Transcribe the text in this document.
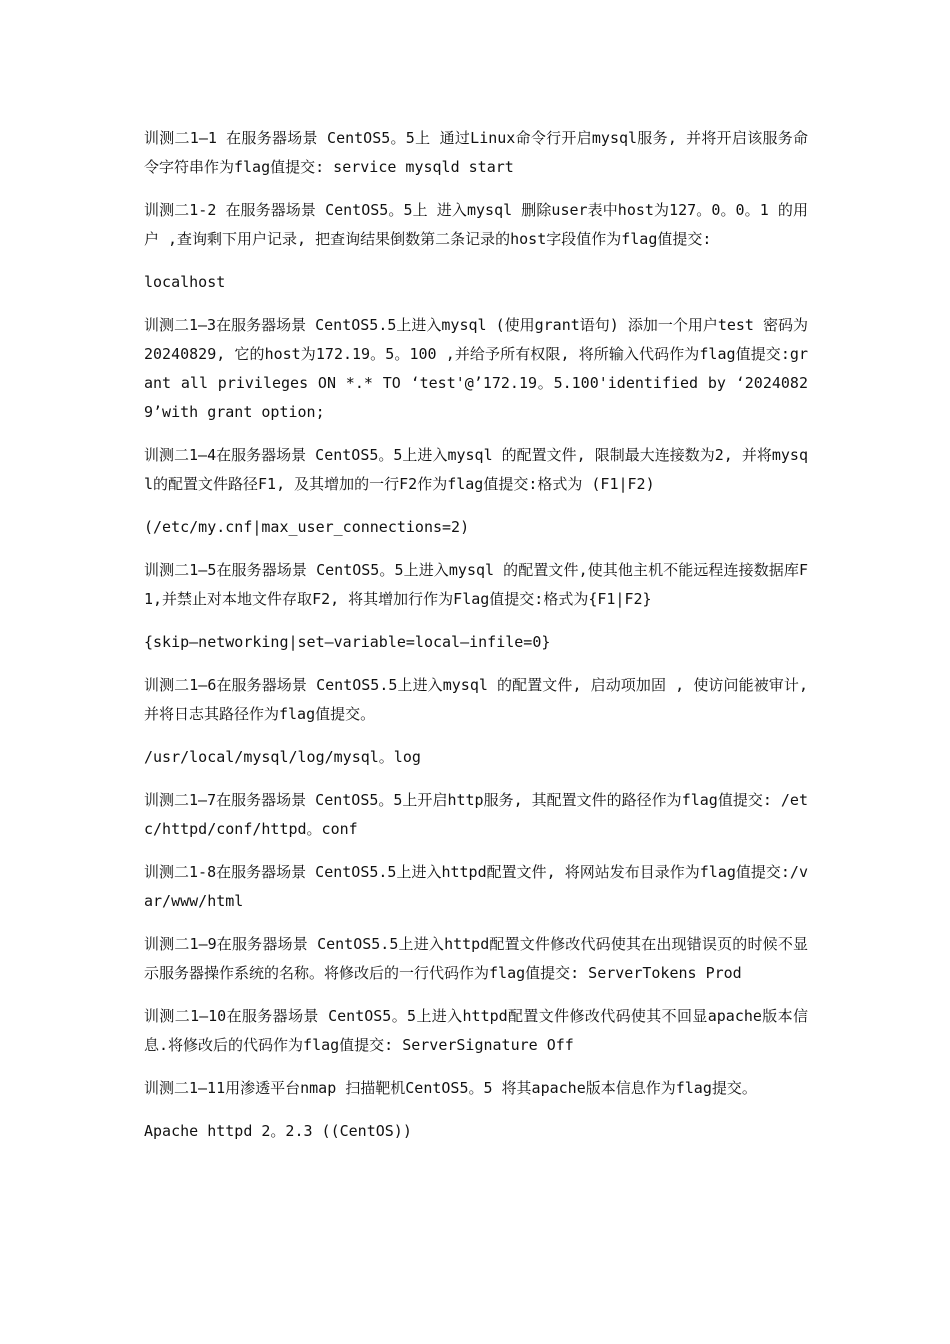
训测二1—1 在服务器场景 CentOS5。5上 通过Linux命令行开启mysql服务, 并将开启该服务命令字符串作为flag值提交: service mysqld start

训测二1-2 在服务器场景 CentOS5。5上 进入mysql 删除user表中host为127。0。0。1 的用户 ,查询剩下用户记录, 把查询结果倒数第二条记录的host字段值作为flag值提交:

localhost

训测二1—3在服务器场景 CentOS5.5上进入mysql (使用grant语句) 添加一个用户test 密码为20240829, 它的host为172.19。5。100 ,并给予所有权限, 将所输入代码作为flag值提交:grant all privileges ON *.* TO ‘test'@’172.19。5.100'identified by ‘20240829’with grant option;

训测二1—4在服务器场景 CentOS5。5上进入mysql 的配置文件, 限制最大连接数为2, 并将mysql的配置文件路径F1, 及其增加的一行F2作为flag值提交:格式为 (F1|F2)

(/etc/my.cnf|max_user_connections=2)

训测二1—5在服务器场景 CentOS5。5上进入mysql 的配置文件,使其他主机不能远程连接数据库F1,并禁止对本地文件存取F2, 将其增加行作为Flag值提交:格式为{F1|F2}

{skip—networking|set—variable=local—infile=0}

训测二1—6在服务器场景 CentOS5.5上进入mysql 的配置文件, 启动项加固 , 使访问能被审计,并将日志其路径作为flag值提交。

/usr/local/mysql/log/mysql。log

训测二1—7在服务器场景 CentOS5。5上开启http服务, 其配置文件的路径作为flag值提交: /etc/httpd/conf/httpd。conf

训测二1-8在服务器场景 CentOS5.5上进入httpd配置文件, 将网站发布目录作为flag值提交:/var/www/html

训测二1—9在服务器场景 CentOS5.5上进入httpd配置文件修改代码使其在出现错误页的时候不显示服务器操作系统的名称。将修改后的一行代码作为flag值提交: ServerTokens Prod

训测二1—10在服务器场景 CentOS5。5上进入httpd配置文件修改代码使其不回显apache版本信息.将修改后的代码作为flag值提交: ServerSignature Off

训测二1—11用渗透平台nmap 扫描靶机CentOS5。5 将其apache版本信息作为flag提交。

Apache httpd 2。2.3 ((CentOS))
